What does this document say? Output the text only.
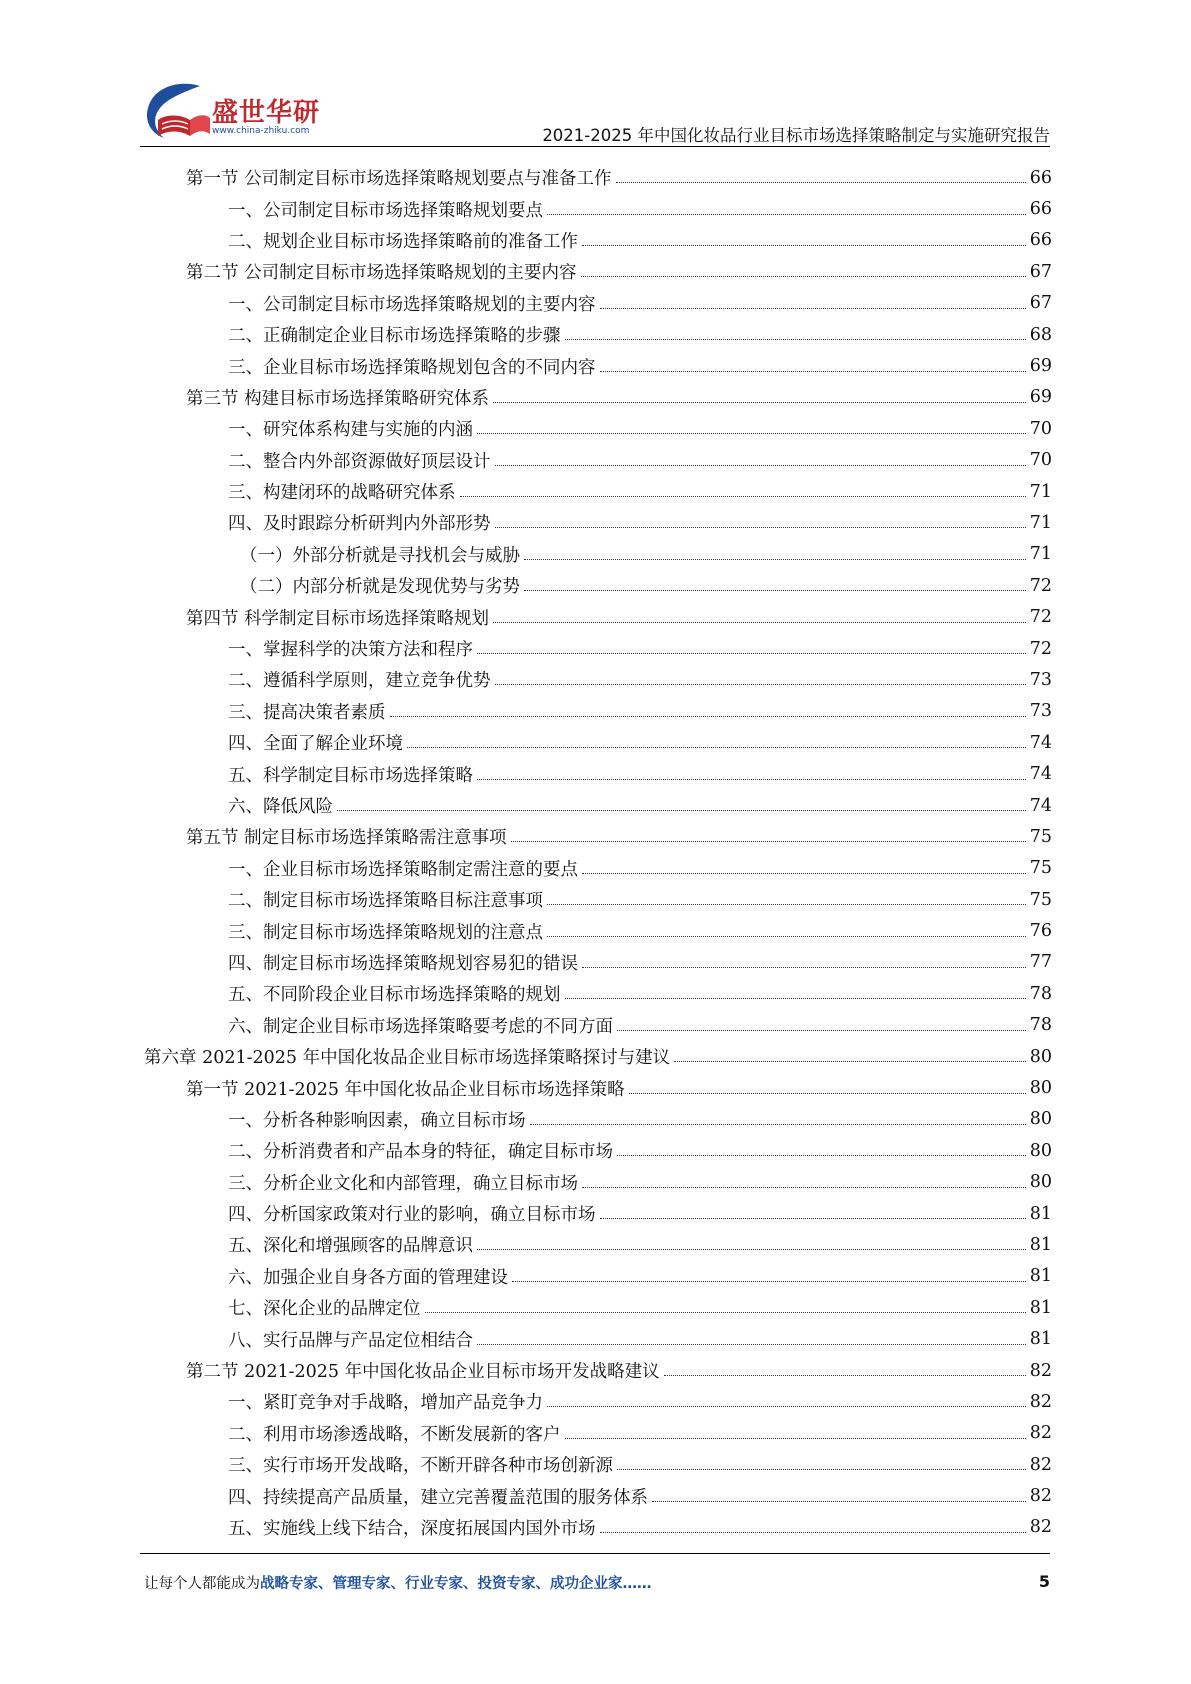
盛世华研
www.china-zhiku.com	2021-2025 年中国化妆品行业目标市场选择策略制定与实施研究报告
第一节 公司制定目标市场选择策略规划要点与准备工作	66
一、公司制定目标市场选择策略规划要点	66
二、规划企业目标市场选择策略前的准备工作	66
第二节 公司制定目标市场选择策略规划的主要内容	67
一、公司制定目标市场选择策略规划的主要内容	67
二、正确制定企业目标市场选择策略的步骤	68
三、企业目标市场选择策略规划包含的不同内容	69
第三节 构建目标市场选择策略研究体系	69
一、研究体系构建与实施的内涵	70
二、整合内外部资源做好顶层设计	70
三、构建闭环的战略研究体系	71
四、及时跟踪分析研判内外部形势	71
（一）外部分析就是寻找机会与威胁	71
（二）内部分析就是发现优势与劣势	72
第四节 科学制定目标市场选择策略规划	72
一、掌握科学的决策方法和程序	72
二、遵循科学原则，建立竞争优势	73
三、提高决策者素质	73
四、全面了解企业环境	74
五、科学制定目标市场选择策略	74
六、降低风险	74
第五节 制定目标市场选择策略需注意事项	75
一、企业目标市场选择策略制定需注意的要点	75
二、制定目标市场选择策略目标注意事项	75
三、制定目标市场选择策略规划的注意点	76
四、制定目标市场选择策略规划容易犯的错误	77
五、不同阶段企业目标市场选择策略的规划	78
六、制定企业目标市场选择策略要考虑的不同方面	78
第六章 2021-2025 年中国化妆品企业目标市场选择策略探讨与建议	80
第一节 2021-2025 年中国化妆品企业目标市场选择策略	80
一、分析各种影响因素，确立目标市场	80
二、分析消费者和产品本身的特征，确定目标市场	80
三、分析企业文化和内部管理，确立目标市场	80
四、分析国家政策对行业的影响，确立目标市场	81
五、深化和增强顾客的品牌意识	81
六、加强企业自身各方面的管理建设	81
七、深化企业的品牌定位	81
八、实行品牌与产品定位相结合	81
第二节 2021-2025 年中国化妆品企业目标市场开发战略建议	82
一、紧盯竞争对手战略，增加产品竞争力	82
二、利用市场渗透战略，不断发展新的客户	82
三、实行市场开发战略，不断开辟各种市场创新源	82
四、持续提高产品质量，建立完善覆盖范围的服务体系	82
五、实施线上线下结合，深度拓展国内国外市场	82
让每个人都能成为战略专家、管理专家、行业专家、投资专家、成功企业家……	5
